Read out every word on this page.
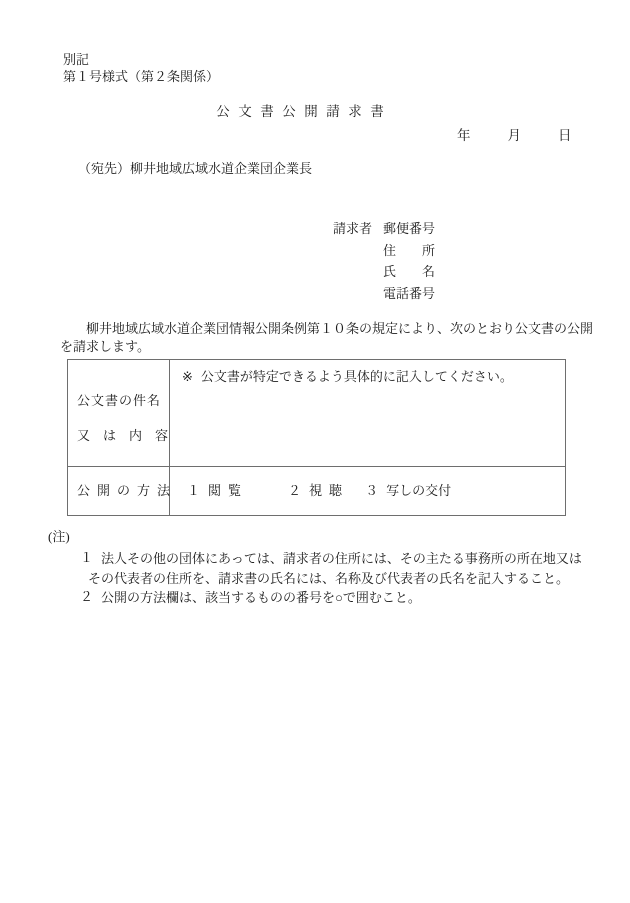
別記
第１号様式（第２条関係）
公文書公開請求書
年	月	日
（宛先）柳井地域広域水道企業団企業長
請求者 郵便番号
住　　所
氏　　名
電話番号
柳井地域広域水道企業団情報公開条例第１０条の規定により、次のとおり公文書の公開を請求します。
公文書の件名
又は内容
※ 公文書が特定できるよう具体的に記入してください。
公開の方法 １ 閲覧	２ 視聴 ３ 写しの交付
(注)
１ 法人その他の団体にあっては、請求者の住所には、その主たる事務所の所在地又はその代表者の住所を、請求書の氏名には、名称及び代表者の氏名を記入すること。
２ 公開の方法欄は、該当するものの番号を○で囲むこと。
